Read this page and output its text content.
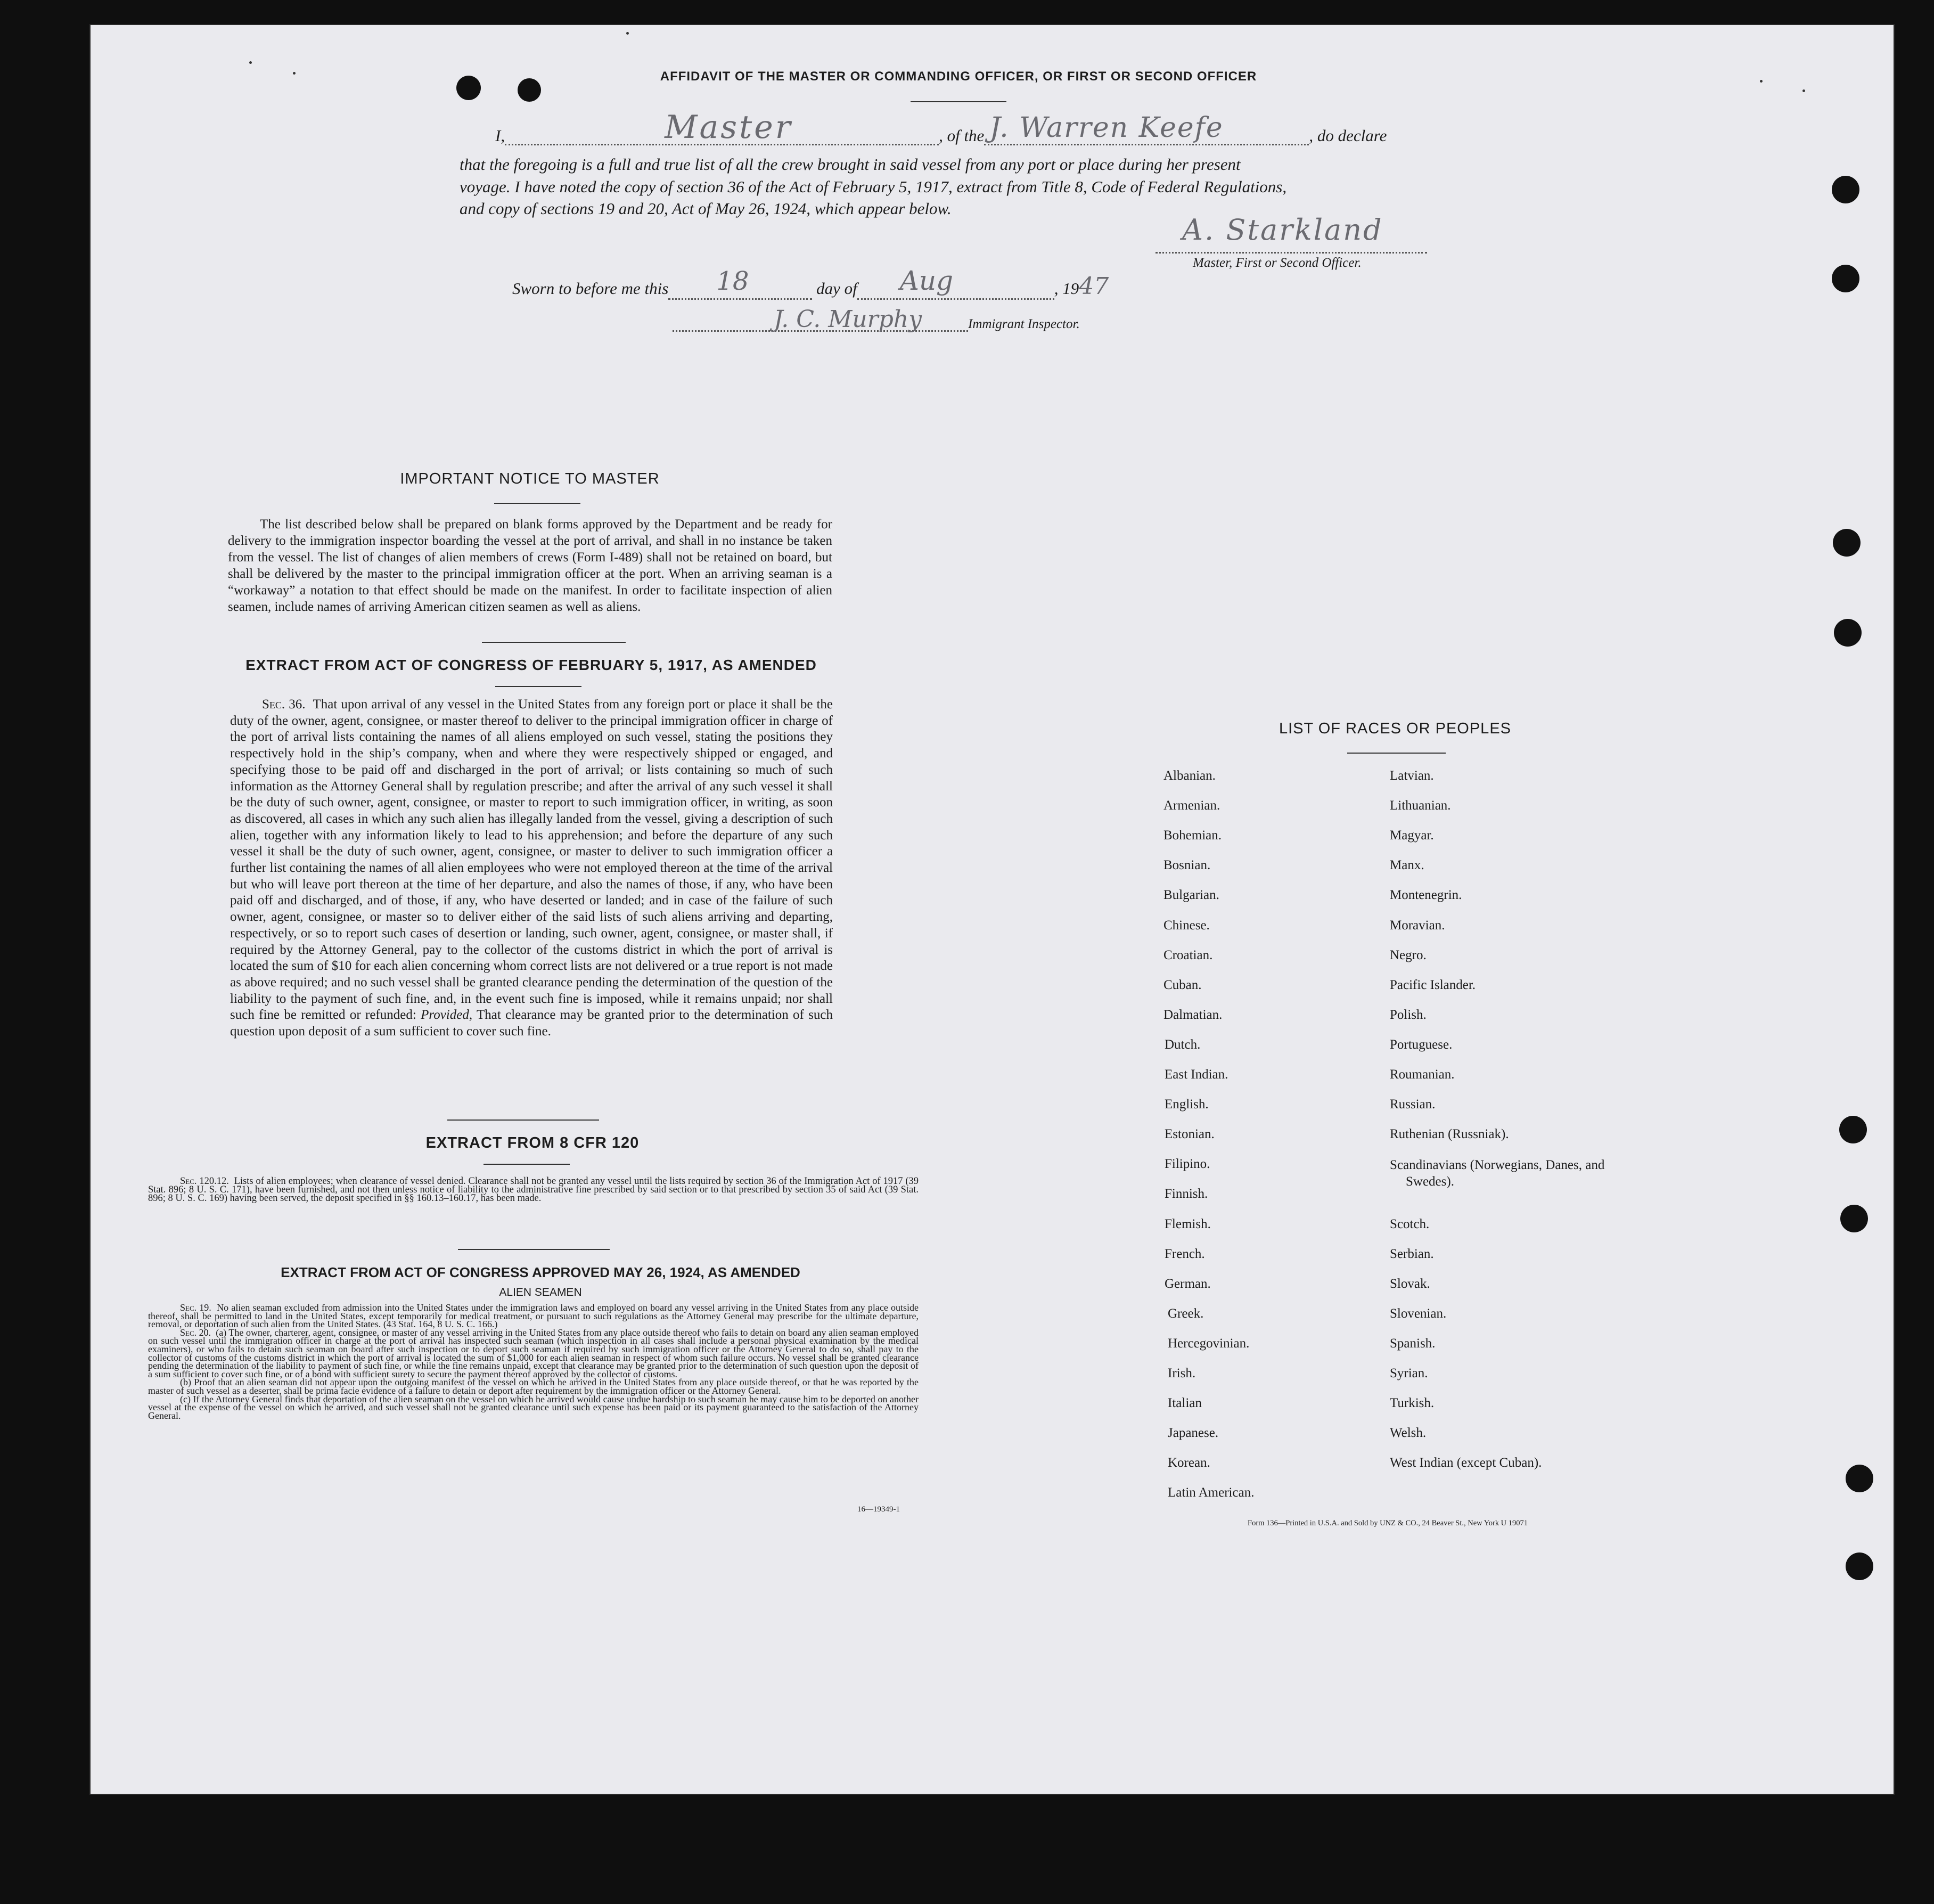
AFFIDAVIT OF THE MASTER OR COMMANDING OFFICER, OR FIRST OR SECOND OFFICER
I,	Master	, of the J. Warren Keefe	, do declare
that the foregoing is a full and true list of all the crew brought in said vessel from any port or place during her present
voyage. I have noted the copy of section 36 of the Act of February 5, 1917, extract from Title 8, Code of Federal Regulations,
and copy of sections 19 and 20, Act of May 26, 1924, which appear below.
A. Starkland
Master, First or Second Officer.
Sworn to before me this 18	day of Aug	, 1947
J. C. Murphy	Immigrant Inspector.
IMPORTANT NOTICE TO MASTER

The list described below shall be prepared on blank forms approved by the Department and be ready for delivery to the immigration inspector boarding the vessel at the port of arrival, and shall in no instance be taken from the vessel. The list of changes of alien members of crews (Form I-489) shall not be retained on board, but shall be delivered by the master to the principal immigration officer at the port. When an arriving seaman is a “workaway” a notation to that effect should be made on the manifest. In order to facilitate inspection of alien seamen, include names of arriving American citizen seamen as well as aliens.

EXTRACT FROM ACT OF CONGRESS OF FEBRUARY 5, 1917, AS AMENDED

Sec. 36. That upon arrival of any vessel in the United States from any foreign port or place it shall be the duty of the owner, agent, consignee, or master thereof to deliver to the principal immigration officer in charge of the port of arrival lists containing the names of all aliens employed on such vessel, stating the positions they respectively hold in the ship’s company, when and where they were respectively shipped or engaged, and specifying those to be paid off and discharged in the port of arrival; or lists containing so much of such information as the Attorney General shall by regulation prescribe; and after the arrival of any such vessel it shall be the duty of such owner, agent, consignee, or master to report to such immigration officer, in writing, as soon as discovered, all cases in which any such alien has illegally landed from the vessel, giving a description of such alien, together with any information likely to lead to his apprehension; and before the departure of any such vessel it shall be the duty of such owner, agent, consignee, or master to deliver to such immigration officer a further list containing the names of all alien employees who were not employed thereon at the time of the arrival but who will leave port thereon at the time of her departure, and also the names of those, if any, who have been paid off and discharged, and of those, if any, who have deserted or landed; and in case of the failure of such owner, agent, consignee, or master so to deliver either of the said lists of such aliens arriving and departing, respectively, or so to report such cases of desertion or landing, such owner, agent, consignee, or master shall, if required by the Attorney General, pay to the collector of the customs district in which the port of arrival is located the sum of $10 for each alien concerning whom correct lists are not delivered or a true report is not made as above required; and no such vessel shall be granted clearance pending the determination of the question of the liability to the payment of such fine, and, in the event such fine is imposed, while it remains unpaid; nor shall such fine be remitted or refunded: Provided, That clearance may be granted prior to the determination of such question upon deposit of a sum sufficient to cover such fine.

EXTRACT FROM 8 CFR 120

Sec. 120.12. Lists of alien employees; when clearance of vessel denied. Clearance shall not be granted any vessel until the lists required by section 36 of the Immigration Act of 1917 (39 Stat. 896; 8 U. S. C. 171), have been furnished, and not then unless notice of liability to the administrative fine prescribed by said section or to that prescribed by section 35 of said Act (39 Stat. 896; 8 U. S. C. 169) having been served, the deposit specified in §§ 160.13–160.17, has been made.

EXTRACT FROM ACT OF CONGRESS APPROVED MAY 26, 1924, AS AMENDED
ALIEN SEAMEN

Sec. 19. No alien seaman excluded from admission into the United States under the immigration laws and employed on board any vessel arriving in the United States from any place outside thereof, shall be permitted to land in the United States, except temporarily for medical treatment, or pursuant to such regulations as the Attorney General may prescribe for the ultimate departure, removal, or deportation of such alien from the United States. (43 Stat. 164, 8 U. S. C. 166.)

Sec. 20. (a) The owner, charterer, agent, consignee, or master of any vessel arriving in the United States from any place outside thereof who fails to detain on board any alien seaman employed on such vessel until the immigration officer in charge at the port of arrival has inspected such seaman (which inspection in all cases shall include a personal physical examination by the medical examiners), or who fails to detain such seaman on board after such inspection or to deport such seaman if required by such immigration officer or the Attorney General to do so, shall pay to the collector of customs of the customs district in which the port of arrival is located the sum of $1,000 for each alien seaman in respect of whom such failure occurs. No vessel shall be granted clearance pending the determination of the liability to payment of such fine, or while the fine remains unpaid, except that clearance may be granted prior to the determination of such question upon the deposit of a sum sufficient to cover such fine, or of a bond with sufficient surety to secure the payment thereof approved by the collector of customs.

(b) Proof that an alien seaman did not appear upon the outgoing manifest of the vessel on which he arrived in the United States from any place outside thereof, or that he was reported by the master of such vessel as a deserter, shall be prima facie evidence of a failure to detain or deport after requirement by the immigration officer or the Attorney General.

(c) If the Attorney General finds that deportation of the alien seaman on the vessel on which he arrived would cause undue hardship to such seaman he may cause him to be deported on another vessel at the expense of the vessel on which he arrived, and such vessel shall not be granted clearance until such expense has been paid or its payment guaranteed to the satisfaction of the Attorney General.

16—19349-1
LIST OF RACES OR PEOPLES
Albanian.
Armenian.
Bohemian.
Bosnian.
Bulgarian.
Chinese.
Croatian.
Cuban.
Dalmatian.
Dutch.
East Indian.
English.
Estonian.
Filipino.
Finnish.
Flemish.
French.
German.
Greek.
Hercegovinian.
Irish.
Italian
Japanese.
Korean.
Latin American.
Latvian.
Lithuanian.
Magyar.
Manx.
Montenegrin.
Moravian.
Negro.
Pacific Islander.
Polish.
Portuguese.
Roumanian.
Russian.
Ruthenian (Russniak).
Scandinavians (Norwegians, Danes, and Swedes).
Scotch.
Serbian.
Slovak.
Slovenian.
Spanish.
Syrian.
Turkish.
Welsh.
West Indian (except Cuban).
Form 136—Printed in U.S.A. and Sold by UNZ & CO., 24 Beaver St., New York U 19071
